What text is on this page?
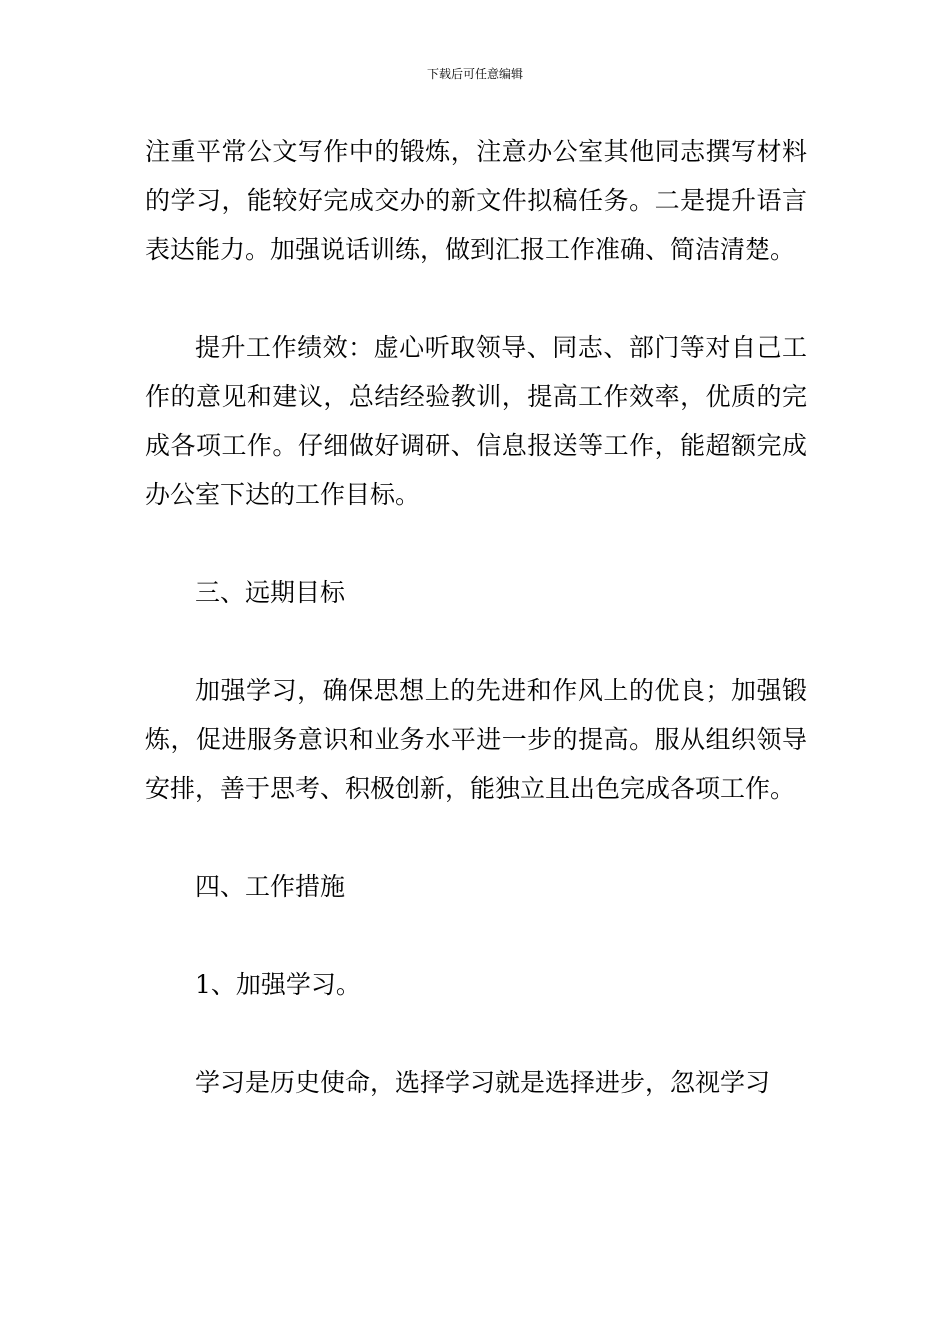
下载后可任意编辑

注重平常公文写作中的锻炼，注意办公室其他同志撰写材料的学习，能较好完成交办的新文件拟稿任务。二是提升语言表达能力。加强说话训练，做到汇报工作准确、简洁清楚。

提升工作绩效：虚心听取领导、同志、部门等对自己工作的意见和建议，总结经验教训，提高工作效率，优质的完成各项工作。仔细做好调研、信息报送等工作，能超额完成办公室下达的工作目标。

三、远期目标

加强学习，确保思想上的先进和作风上的优良；加强锻炼，促进服务意识和业务水平进一步的提高。服从组织领导安排，善于思考、积极创新，能独立且出色完成各项工作。

四、工作措施

1、加强学习。

学习是历史使命，选择学习就是选择进步，忽视学习
